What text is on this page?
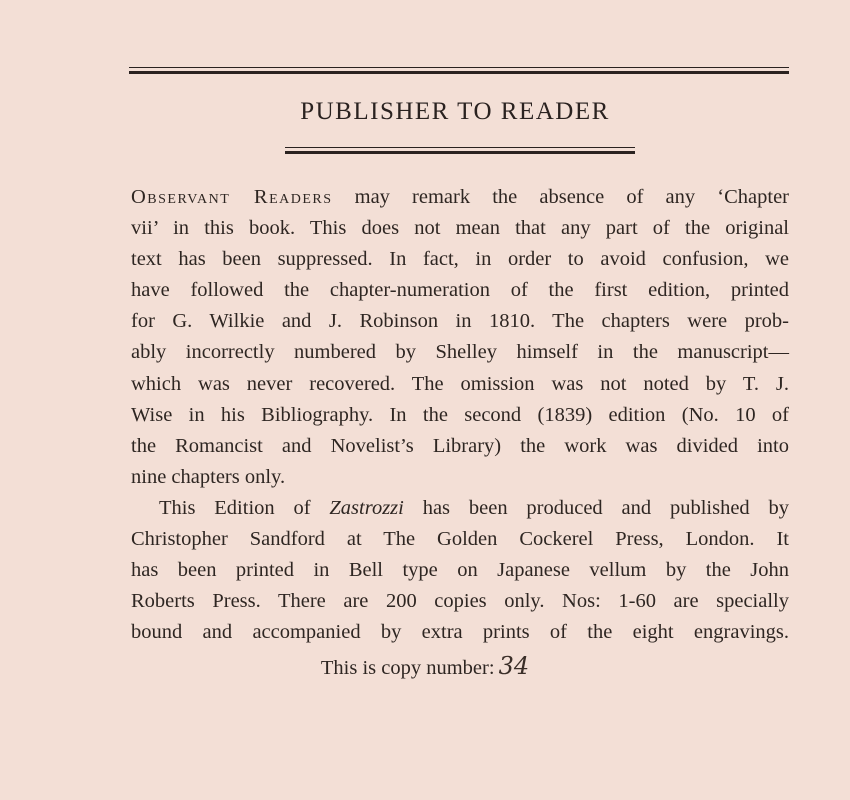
PUBLISHER TO READER

Observant Readers may remark the absence of any ‘Chapter
vii’ in this book. This does not mean that any part of the original
text has been suppressed. In fact, in order to avoid confusion, we
have followed the chapter-numeration of the first edition, printed
for G. Wilkie and J. Robinson in 1810. The chapters were prob-
ably incorrectly numbered by Shelley himself in the manuscript—
which was never recovered. The omission was not noted by T. J.
Wise in his Bibliography. In the second (1839) edition (No. 10 of
the Romancist and Novelist’s Library) the work was divided into
nine chapters only.

This Edition of Zastrozzi has been produced and published by
Christopher Sandford at The Golden Cockerel Press, London. It
has been printed in Bell type on Japanese vellum by the John
Roberts Press. There are 200 copies only. Nos: 1-60 are specially
bound and accompanied by extra prints of the eight engravings.

This is copy number: 34
